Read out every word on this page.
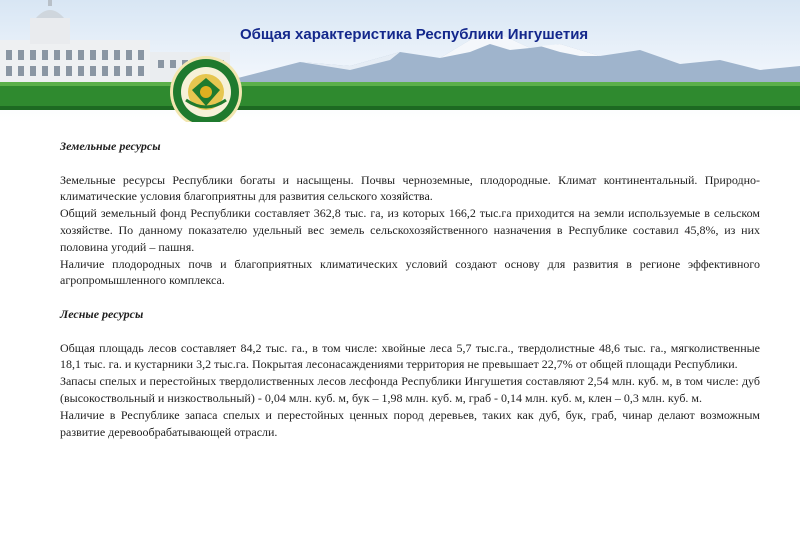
Общая характеристика Республики Ингушетия
Земельные ресурсы

Земельные ресурсы Республики богаты и насыщены. Почвы черноземные, плодородные. Климат континентальный. Природно-климатические условия благоприятны для развития сельского хозяйства.

Общий земельный фонд Республики составляет 362,8 тыс. га, из которых 166,2 тыс.га приходится на земли используемые в сельском хозяйстве. По данному показателю удельный вес земель сельскохозяйственного назначения в Республике составил 45,8%, из них половина угодий – пашня.

Наличие плодородных почв и благоприятных климатических условий создают основу для развития в регионе эффективного агропромышленного комплекса.

Лесные ресурсы

Общая площадь лесов составляет 84,2 тыс. га., в том числе: хвойные леса 5,7 тыс.га., твердолистные 48,6 тыс. га., мягколиственные 18,1 тыс. га. и кустарники 3,2 тыс.га. Покрытая лесонасаждениями территория не превышает 22,7% от общей площади Республики.

Запасы спелых и перестойных твердолиственных лесов лесфонда Республики Ингушетия составляют 2,54 млн. куб. м, в том числе: дуб (высокоствольный и низкоствольный) - 0,04 млн. куб. м, бук – 1,98 млн. куб. м, граб - 0,14 млн. куб. м, клен – 0,3 млн. куб. м.

Наличие в Республике запаса спелых и перестойных ценных пород деревьев, таких как дуб, бук, граб, чинар делают возможным развитие деревообрабатывающей отрасли.
